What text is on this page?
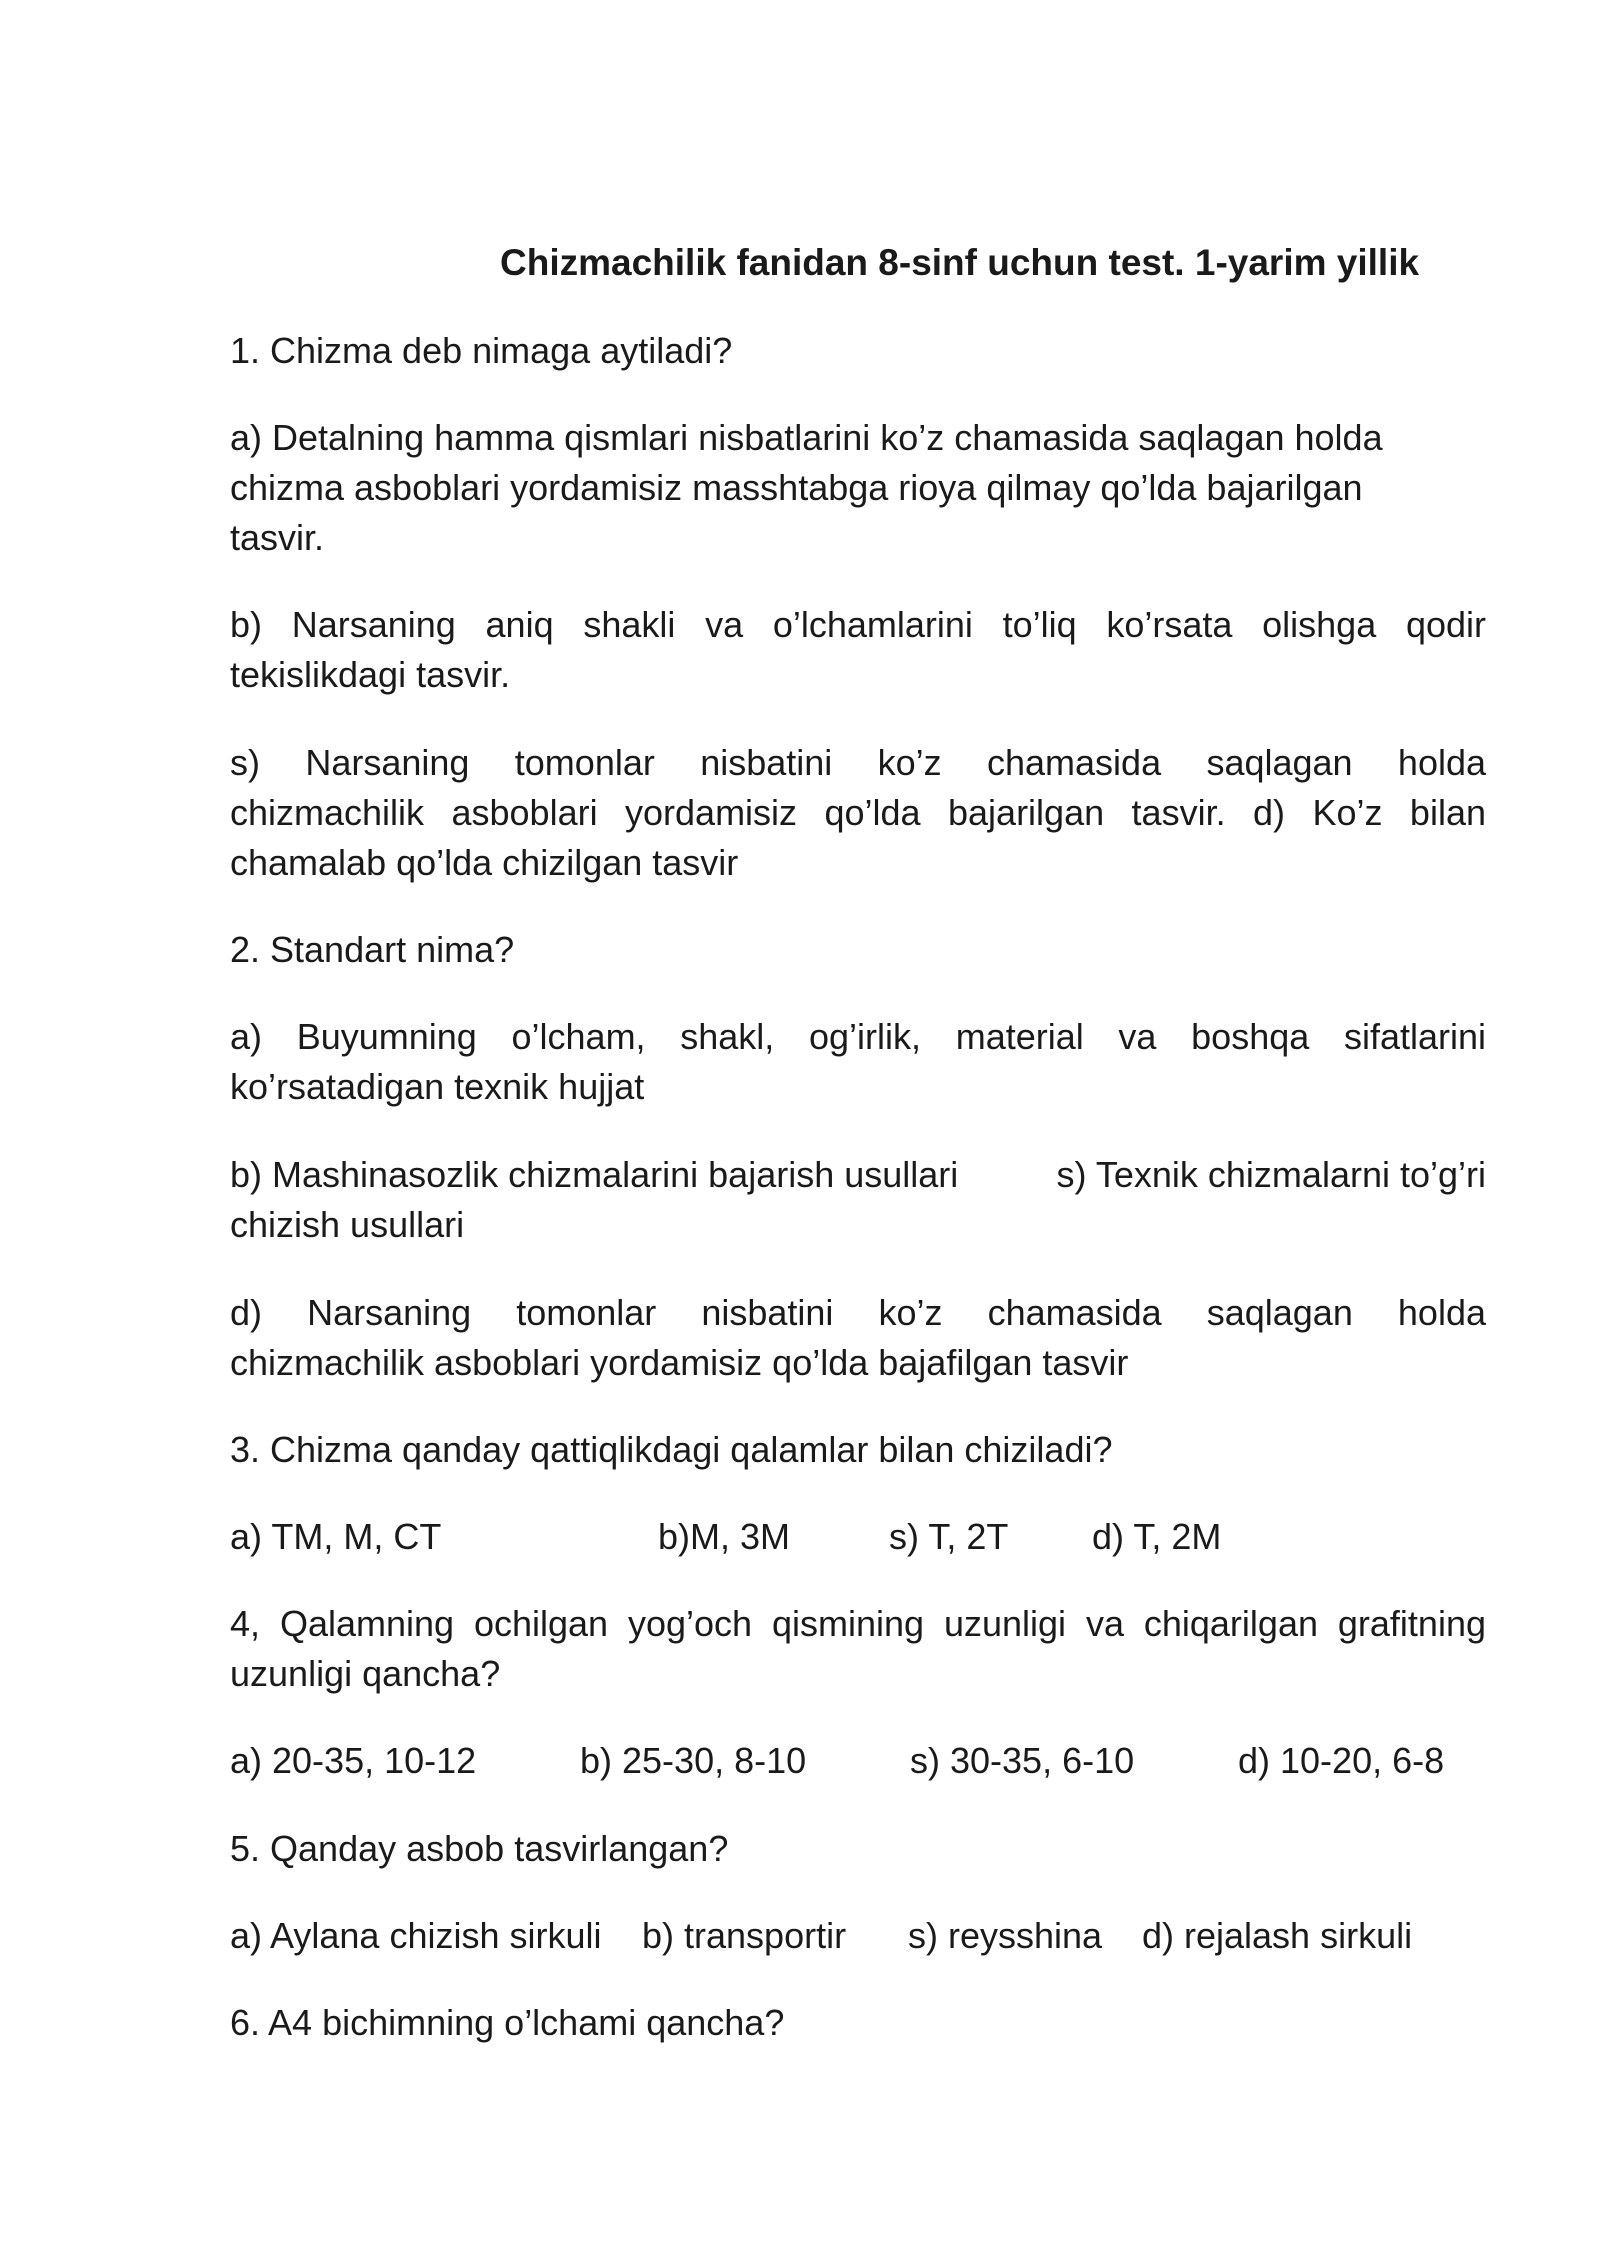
Chizmachilik fanidan 8-sinf uchun test. 1-yarim yillik
1. Chizma deb nimaga aytiladi?
a) Detalning hamma qismlari nisbatlarini ko’z chamasida saqlagan holda
chizma asboblari yordamisiz masshtabga rioya qilmay qo’lda bajarilgan
tasvir.
b) Narsaning aniq shakli va o’lchamlarini to’liq ko’rsata olishga qodir
tekislikdagi tasvir.
s) Narsaning tomonlar nisbatini ko’z chamasida saqlagan holda
chizmachilik asboblari yordamisiz qo’lda bajarilgan tasvir. d) Ko’z bilan
chamalab qo’lda chizilgan tasvir
2. Standart nima?
a) Buyumning o’lcham, shakl, og’irlik, material va boshqa sifatlarini
ko’rsatadigan texnik hujjat
b) Mashinasozlik chizmalarini bajarish usullari	s) Texnik chizmalarni to’g’ri
chizish usullari
d) Narsaning tomonlar nisbatini ko’z chamasida saqlagan holda
chizmachilik asboblari yordamisiz qo’lda bajafilgan tasvir
3. Chizma qanday qattiqlikdagi qalamlar bilan chiziladi?
a) TM, M, CT	b)M, 3M	s) T, 2T d) T, 2M
4, Qalamning ochilgan yog’och qismining uzunligi va chiqarilgan grafitning
uzunligi qancha?
a) 20-35, 10-12	b) 25-30, 8-10	s) 30-35, 6-10	d) 10-20, 6-8
5. Qanday asbob tasvirlangan?
a) Aylana chizish sirkuli b) transportir s) reysshina d) rejalash sirkuli
6. A4 bichimning o’lchami qancha?
